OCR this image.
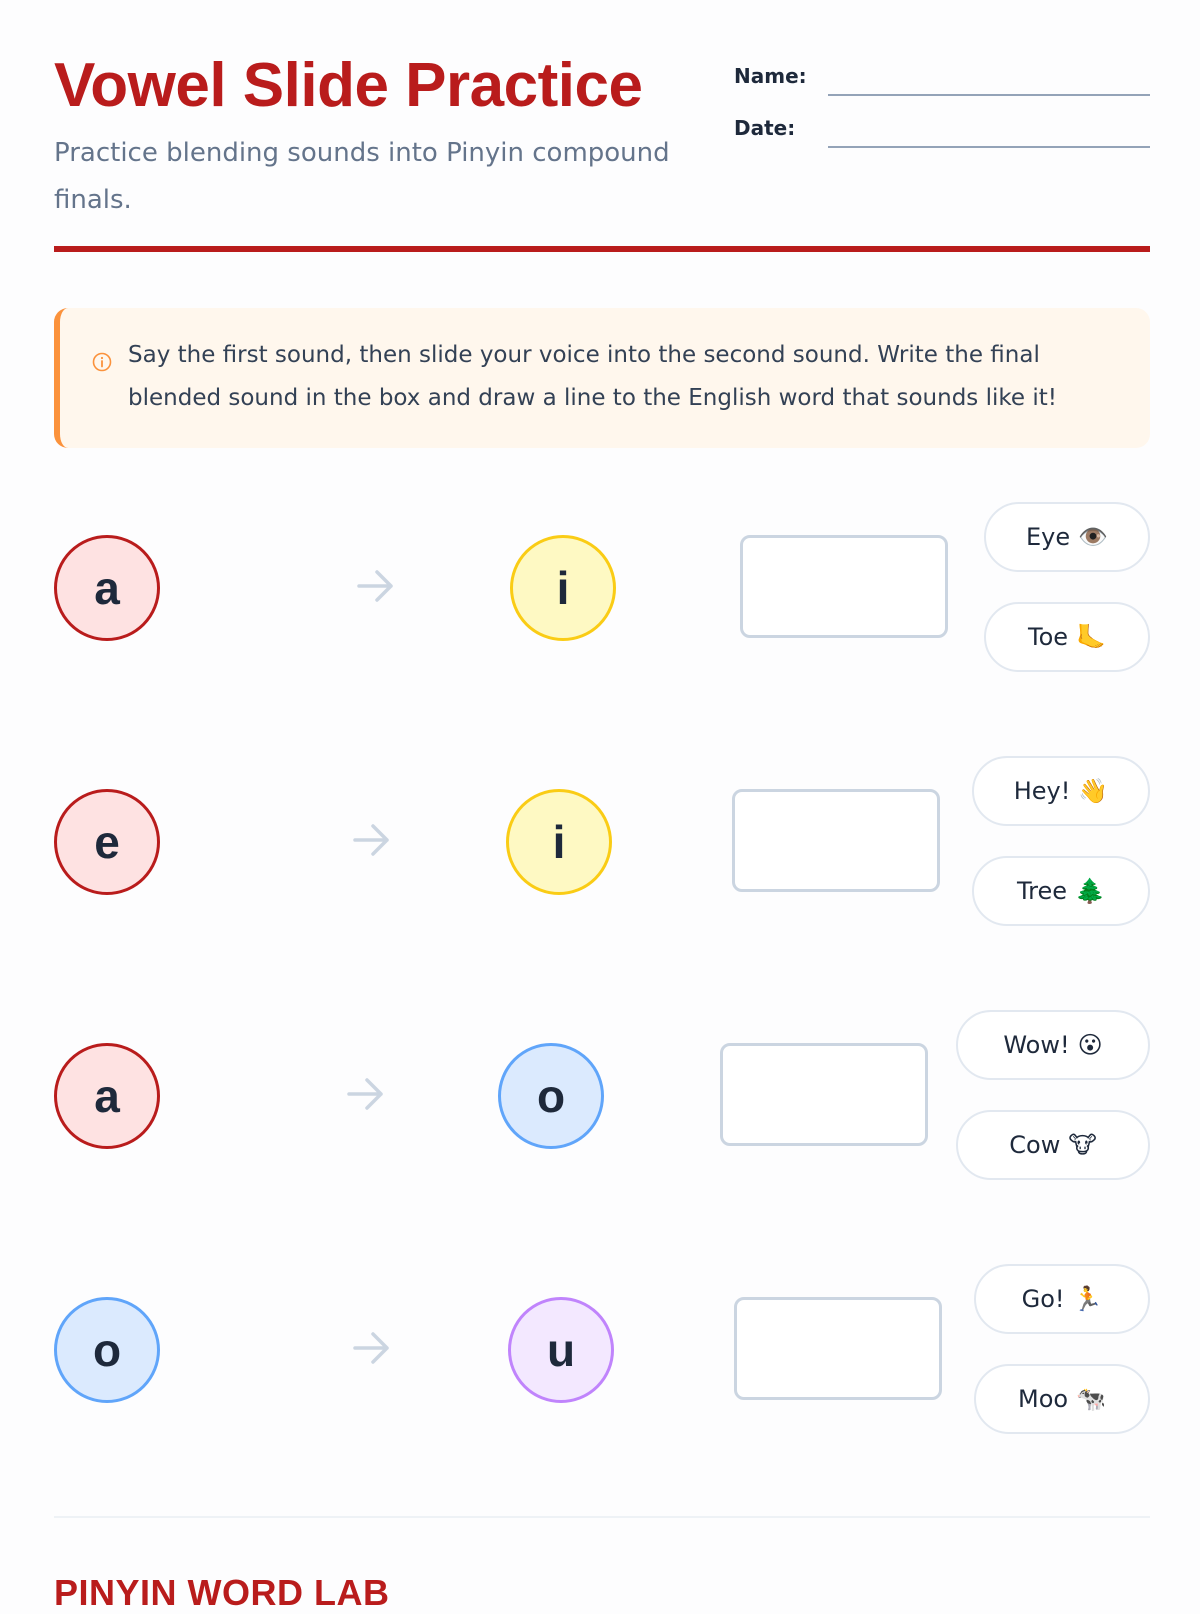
Vowel Slide Practice

Practice blending sounds into Pinyin compound finals.

Name:
Date:

Say the first sound, then slide your voice into the second sound. Write the final blended sound in the box and draw a line to the English word that sounds like it!

a	i
Eye 👁️
Toe 🦶
e	i
Hey! 👋
Tree 🌲
a	o
Wow! 😮
Cow 🐮
o	u
Go! 🏃
Moo 🐄
PINYIN WORD LAB
